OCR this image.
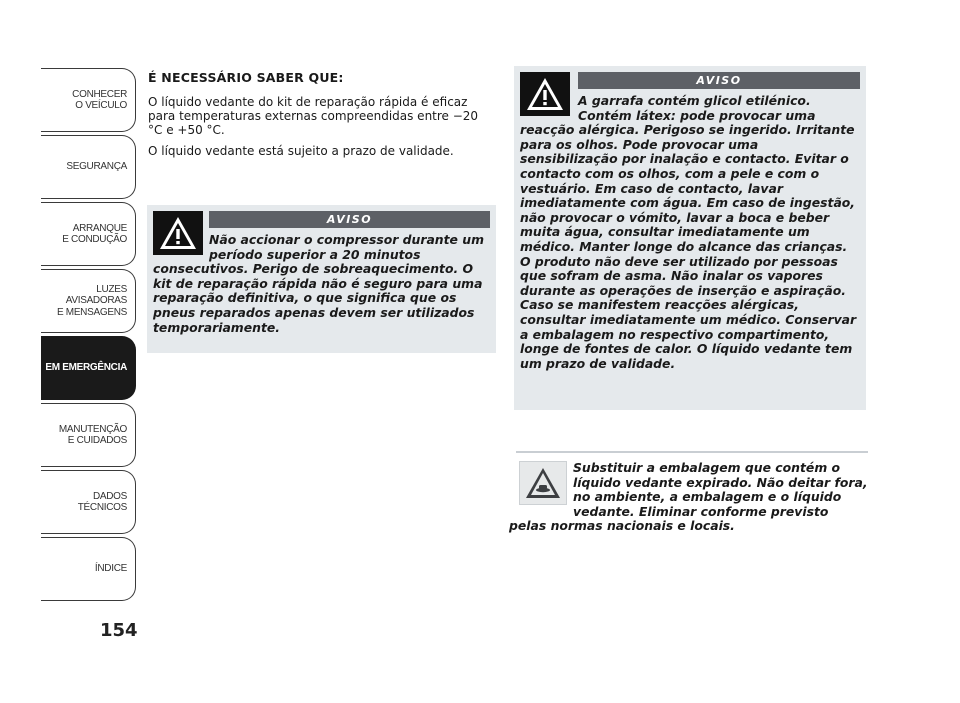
CONHECER
O VEÍCULO
SEGURANÇA
ARRANQUE
E CONDUÇÃO
LUZES
AVISADORAS
E MENSAGENS
EM EMERGÊNCIA
MANUTENÇÃO
E CUIDADOS
DADOS
TÉCNICOS
ÍNDICE
154

É NECESSÁRIO SABER QUE:

O líquido vedante do kit de reparação rápida é eficaz para temperaturas externas compreendidas entre −20 °C e +50 °C.

O líquido vedante está sujeito a prazo de validade.

AVISO
Não accionar o compressor durante um período superior a 20 minutos
consecutivos. Perigo de sobreaquecimento. O kit de reparação rápida não é seguro para uma reparação definitiva, o que significa que os pneus reparados apenas devem ser utilizados temporariamente.
AVISO
A garrafa contém glicol etilénico. Contém látex: pode provocar uma
reacção alérgica. Perigoso se ingerido. Irritante para os olhos. Pode provocar uma sensibilização por inalação e contacto. Evitar o contacto com os olhos, com a pele e com o vestuário. Em caso de contacto, lavar imediatamente com água. Em caso de ingestão, não provocar o vómito, lavar a boca e beber muita água, consultar imediatamente um médico. Manter longe do alcance das crianças. O produto não deve ser utilizado por pessoas que sofram de asma. Não inalar os vapores durante as operações de inserção e aspiração. Caso se manifestem reacções alérgicas, consultar imediatamente um médico. Conservar a embalagem no respectivo compartimento, longe de fontes de calor. O líquido vedante tem um prazo de validade.
Substituir a embalagem que contém o líquido vedante expirado. Não deitar fora, no ambiente, a embalagem e o líquido vedante. Eliminar conforme previsto pelas normas nacionais e locais.
